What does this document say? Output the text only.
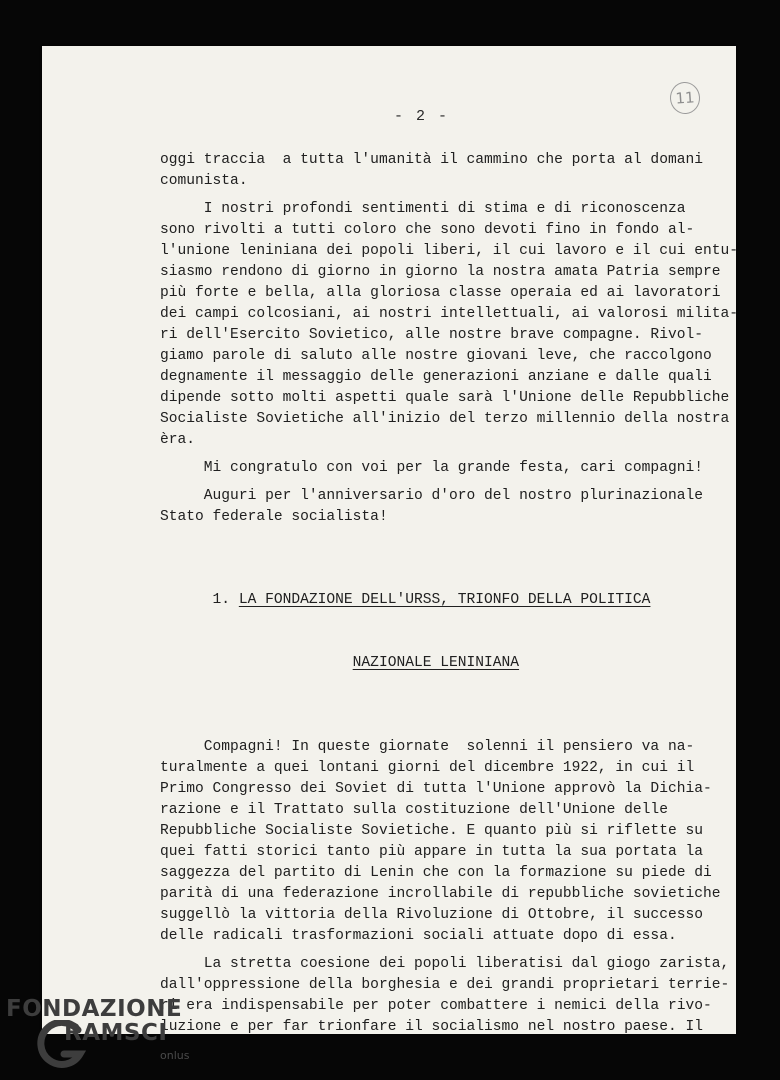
11
- 2 -

oggi traccia  a tutta l'umanità il cammino che porta al domani

comunista.

I nostri profondi sentimenti di stima e di riconoscenza

sono rivolti a tutti coloro che sono devoti fino in fondo al-

l'unione leniniana dei popoli liberi, il cui lavoro e il cui entu-

siasmo rendono di giorno in giorno la nostra amata Patria sempre

più forte e bella, alla gloriosa classe operaia ed ai lavoratori

dei campi colcosiani, ai nostri intellettuali, ai valorosi milita-

ri dell'Esercito Sovietico, alle nostre brave compagne. Rivol-

giamo parole di saluto alle nostre giovani leve, che raccolgono

degnamente il messaggio delle generazioni anziane e dalle quali

dipende sotto molti aspetti quale sarà l'Unione delle Repubbliche

Socialiste Sovietiche all'inizio del terzo millennio della nostra

èra.

Mi congratulo con voi per la grande festa, cari compagni!

Auguri per l'anniversario d'oro del nostro plurinazionale

Stato federale socialista!

1. LA FONDAZIONE DELL'URSS, TRIONFO DELLA POLITICA

NAZIONALE LENINIANA

Compagni! In queste giornate  solenni il pensiero va na-

turalmente a quei lontani giorni del dicembre 1922, in cui il

Primo Congresso dei Soviet di tutta l'Unione approvò la Dichia-

razione e il Trattato sulla costituzione dell'Unione delle

Repubbliche Socialiste Sovietiche. E quanto più si riflette su

quei fatti storici tanto più appare in tutta la sua portata la

saggezza del partito di Lenin che con la formazione su piede di

parità di una federazione incrollabile di repubbliche sovietiche

suggellò la vittoria della Rivoluzione di Ottobre, il successo

delle radicali trasformazioni sociali attuate dopo di essa.

La stretta coesione dei popoli liberatisi dal giogo zarista,

dall'oppressione della borghesia e dei grandi proprietari terrie-

ri era indispensabile per poter combattere i nemici della rivo-

luzione e per far trionfare il socialismo nel nostro paese. Il

FONDAZIONE
RAMSCI
onlus
